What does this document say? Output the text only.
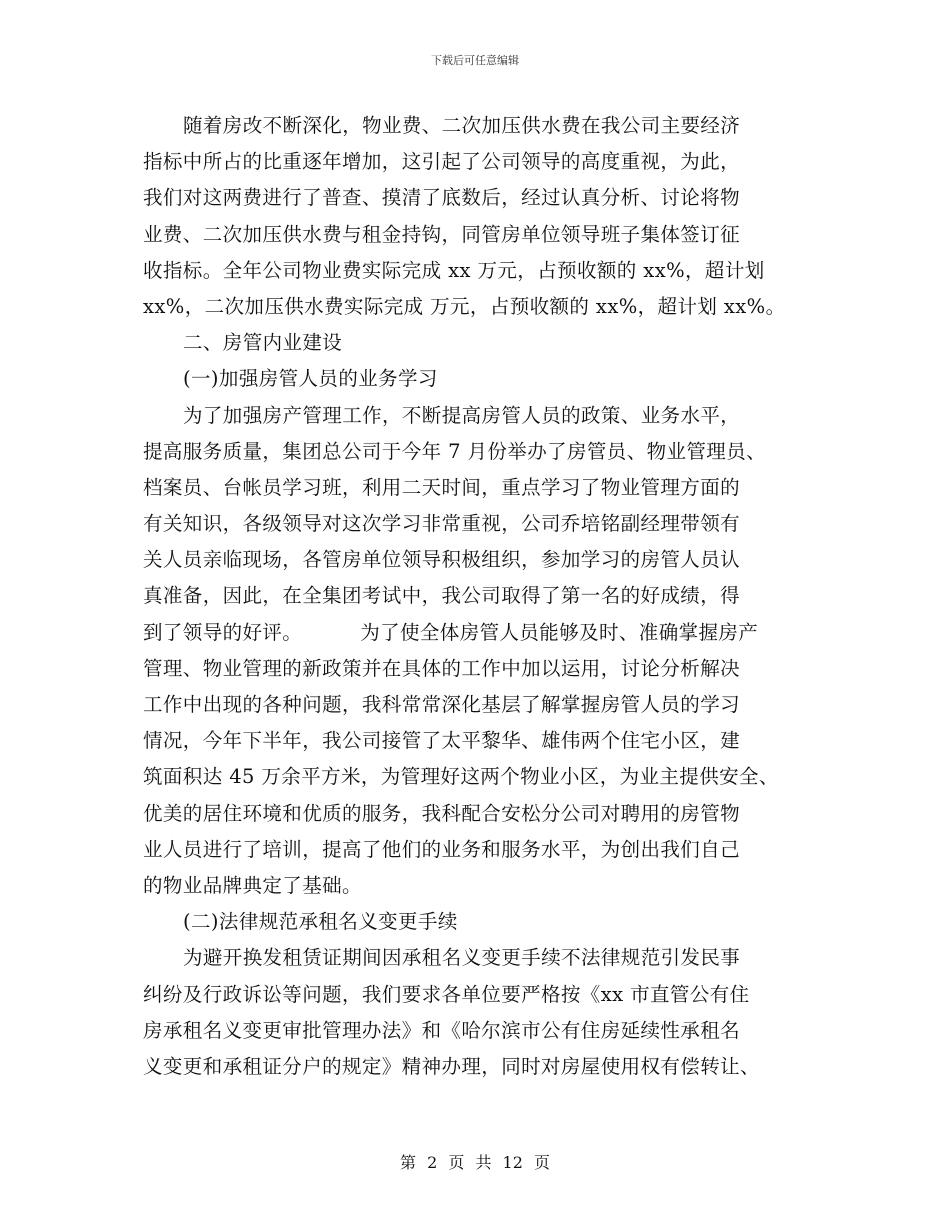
下载后可任意编辑
随着房改不断深化，物业费、二次加压供水费在我公司主要经济
指标中所占的比重逐年增加，这引起了公司领导的高度重视，为此，
我们对这两费进行了普查、摸清了底数后，经过认真分析、讨论将物
业费、二次加压供水费与租金持钩，同管房单位领导班子集体签订征
收指标。全年公司物业费实际完成 xx 万元，占预收额的 xx%，超计划
xx%，二次加压供水费实际完成 万元，占预收额的 xx%，超计划 xx%。
二、房管内业建设
(一)加强房管人员的业务学习
为了加强房产管理工作，不断提高房管人员的政策、业务水平，
提高服务质量，集团总公司于今年 7 月份举办了房管员、物业管理员、
档案员、台帐员学习班，利用二天时间，重点学习了物业管理方面的
有关知识，各级领导对这次学习非常重视，公司乔培铭副经理带领有
关人员亲临现场，各管房单位领导积极组织，参加学习的房管人员认
真准备，因此，在全集团考试中，我公司取得了第一名的好成绩，得
到了领导的好评。	为了使全体房管人员能够及时、准确掌握房产
管理、物业管理的新政策并在具体的工作中加以运用，讨论分析解决
工作中出现的各种问题，我科常常深化基层了解掌握房管人员的学习
情况，今年下半年，我公司接管了太平黎华、雄伟两个住宅小区，建
筑面积达 45 万余平方米，为管理好这两个物业小区，为业主提供安全、
优美的居住环境和优质的服务，我科配合安松分公司对聘用的房管物
业人员进行了培训，提高了他们的业务和服务水平，为创出我们自己
的物业品牌典定了基础。
(二)法律规范承租名义变更手续
为避开换发租赁证期间因承租名义变更手续不法律规范引发民事
纠纷及行政诉讼等问题，我们要求各单位要严格按《xx 市直管公有住
房承租名义变更审批管理办法》和《哈尔滨市公有住房延续性承租名
义变更和承租证分户的规定》精神办理，同时对房屋使用权有偿转让、
第 2 页 共 12 页
